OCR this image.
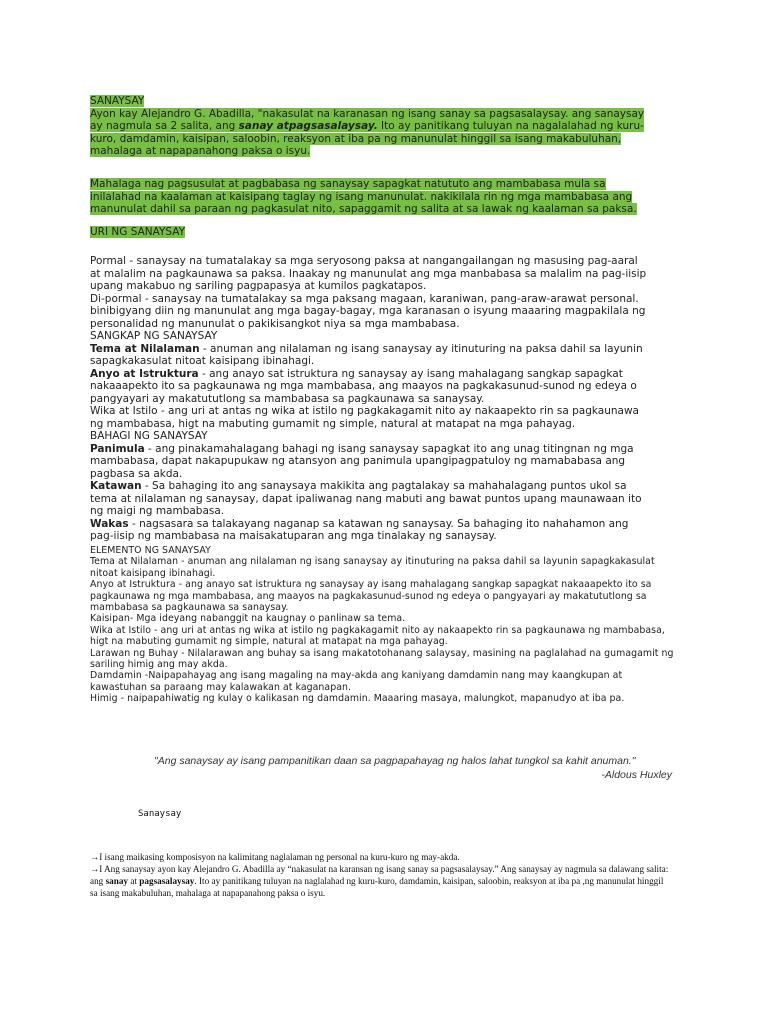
SANAYSAY
Ayon kay Alejandro G. Abadilla, "nakasulat na karanasan ng isang sanay sa pagsasalaysay. ang sanaysay ay nagmula sa 2 salita, ang sanay atpagsasalaysay. Ito ay panitikang tuluyan na nagalalahad ng kuru-kuro, damdamin, kaisipan, saloobin, reaksyon at iba pa ng manunulat hinggil sa isang makabuluhan, mahalaga at napapanahong paksa o isyu.
Mahalaga nag pagsusulat at pagbabasa ng sanaysay sapagkat natututo ang mambabasa mula sa inilalahad na kaalaman at kaisipang taglay ng isang manunulat. nakikilala rin ng mga mambabasa ang manunulat dahil sa paraan ng pagkasulat nito, sapaggamit ng salita at sa lawak ng kaalaman sa paksa.
URI NG SANAYSAY

Pormal - sanaysay na tumatalakay sa mga seryosong paksa at nangangailangan ng masusing pag-aaral at malalim na pagkaunawa sa paksa. Inaakay ng manunulat ang mga manbabasa sa malalim na pag-iisip upang makabuo ng sariling pagpapasya at kumilos pagkatapos.

Di-pormal - sanaysay na tumatalakay sa mga paksang magaan, karaniwan, pang-araw-arawat personal. binibigyang diin ng manunulat ang mga bagay-bagay, mga karanasan o isyung maaaring magpakilala ng personalidad ng manunulat o pakikisangkot niya sa mga mambabasa.

SANGKAP NG SANAYSAY

Tema at Nilalaman - anuman ang nilalaman ng isang sanaysay ay itinuturing na paksa dahil sa layunin sapagkakasulat nitoat kaisipang ibinahagi.

Anyo at Istruktura - ang anayo sat istruktura ng sanaysay ay isang mahalagang sangkap sapagkat nakaaapekto ito sa pagkaunawa ng mga mambabasa, ang maayos na pagkakasunud-sunod ng edeya o pangyayari ay makatututlong sa mambabasa sa pagkaunawa sa sanaysay.

Wika at Istilo - ang uri at antas ng wika at istilo ng pagkakagamit nito ay nakaapekto rin sa pagkaunawa ng mambabasa, higt na mabuting gumamit ng simple, natural at matapat na mga pahayag.

BAHAGI NG SANAYSAY

Panimula - ang pinakamahalagang bahagi ng isang sanaysay sapagkat ito ang unag titingnan ng mga mambabasa, dapat nakapupukaw ng atansyon ang panimula upangipagpatuloy ng mamababasa ang pagbasa sa akda.

Katawan - Sa bahaging ito ang sanaysaya makikita ang pagtalakay sa mahahalagang puntos ukol sa tema at nilalaman ng sanaysay, dapat ipaliwanag nang mabuti ang bawat puntos upang maunawaan ito ng maigi ng mambabasa.

Wakas - nagsasara sa talakayang naganap sa katawan ng sanaysay. Sa bahaging ito nahahamon ang pag-iisip ng mambabasa na maisakatuparan ang mga tinalakay ng sanaysay.

ELEMENTO NG SANAYSAY

Tema at Nilalaman - anuman ang nilalaman ng isang sanaysay ay itinuturing na paksa dahil sa layunin sapagkakasulat nitoat kaisipang ibinahagi.

Anyo at Istruktura - ang anayo sat istruktura ng sanaysay ay isang mahalagang sangkap sapagkat nakaaapekto ito sa pagkaunawa ng mga mambabasa, ang maayos na pagkakasunud-sunod ng edeya o pangyayari ay makatututlong sa mambabasa sa pagkaunawa sa sanaysay.

Kaisipan- Mga ideyang nabanggit na kaugnay o panlinaw sa tema.

Wika at Istilo - ang uri at antas ng wika at istilo ng pagkakagamit nito ay nakaapekto rin sa pagkaunawa ng mambabasa, higt na mabuting gumamit ng simple, natural at matapat na mga pahayag.

Larawan ng Buhay - Nilalarawan ang buhay sa isang makatotohanang salaysay, masining na paglalahad na gumagamit ng sariling himig ang may akda.

Damdamin -Naipapahayag ang isang magaling na may-akda ang kaniyang damdamin nang may kaangkupan at kawastuhan sa paraang may kalawakan at kaganapan.

Himig - naipapahiwatig ng kulay o kalikasan ng damdamin. Maaaring masaya, malungkot, mapanudyo at iba pa.

"Ang sanaysay ay isang pampanitikan daan sa pagpapahayag ng halos lahat tungkol sa kahit anuman."
-Aldous Huxley
Sanaysay

→I isang maikasing komposisyon na kalimitang naglalaman ng personal na kuru-kuro ng may-akda.

→I Ang sanaysay ayon kay Alejandro G. Abadilla ay “nakasulat na karansan ng isang sanay sa pagsasalaysay.” Ang sanaysay ay nagmula sa dalawang salita: ang sanay at pagsasalaysay. Ito ay panitikang tuluyan na naglalahad ng kuru-kuro, damdamin, kaisipan, saloobin, reaksyon at iba pa ,ng manunulat hinggil sa isang makabuluhan, mahalaga at napapanahong paksa o isyu.
